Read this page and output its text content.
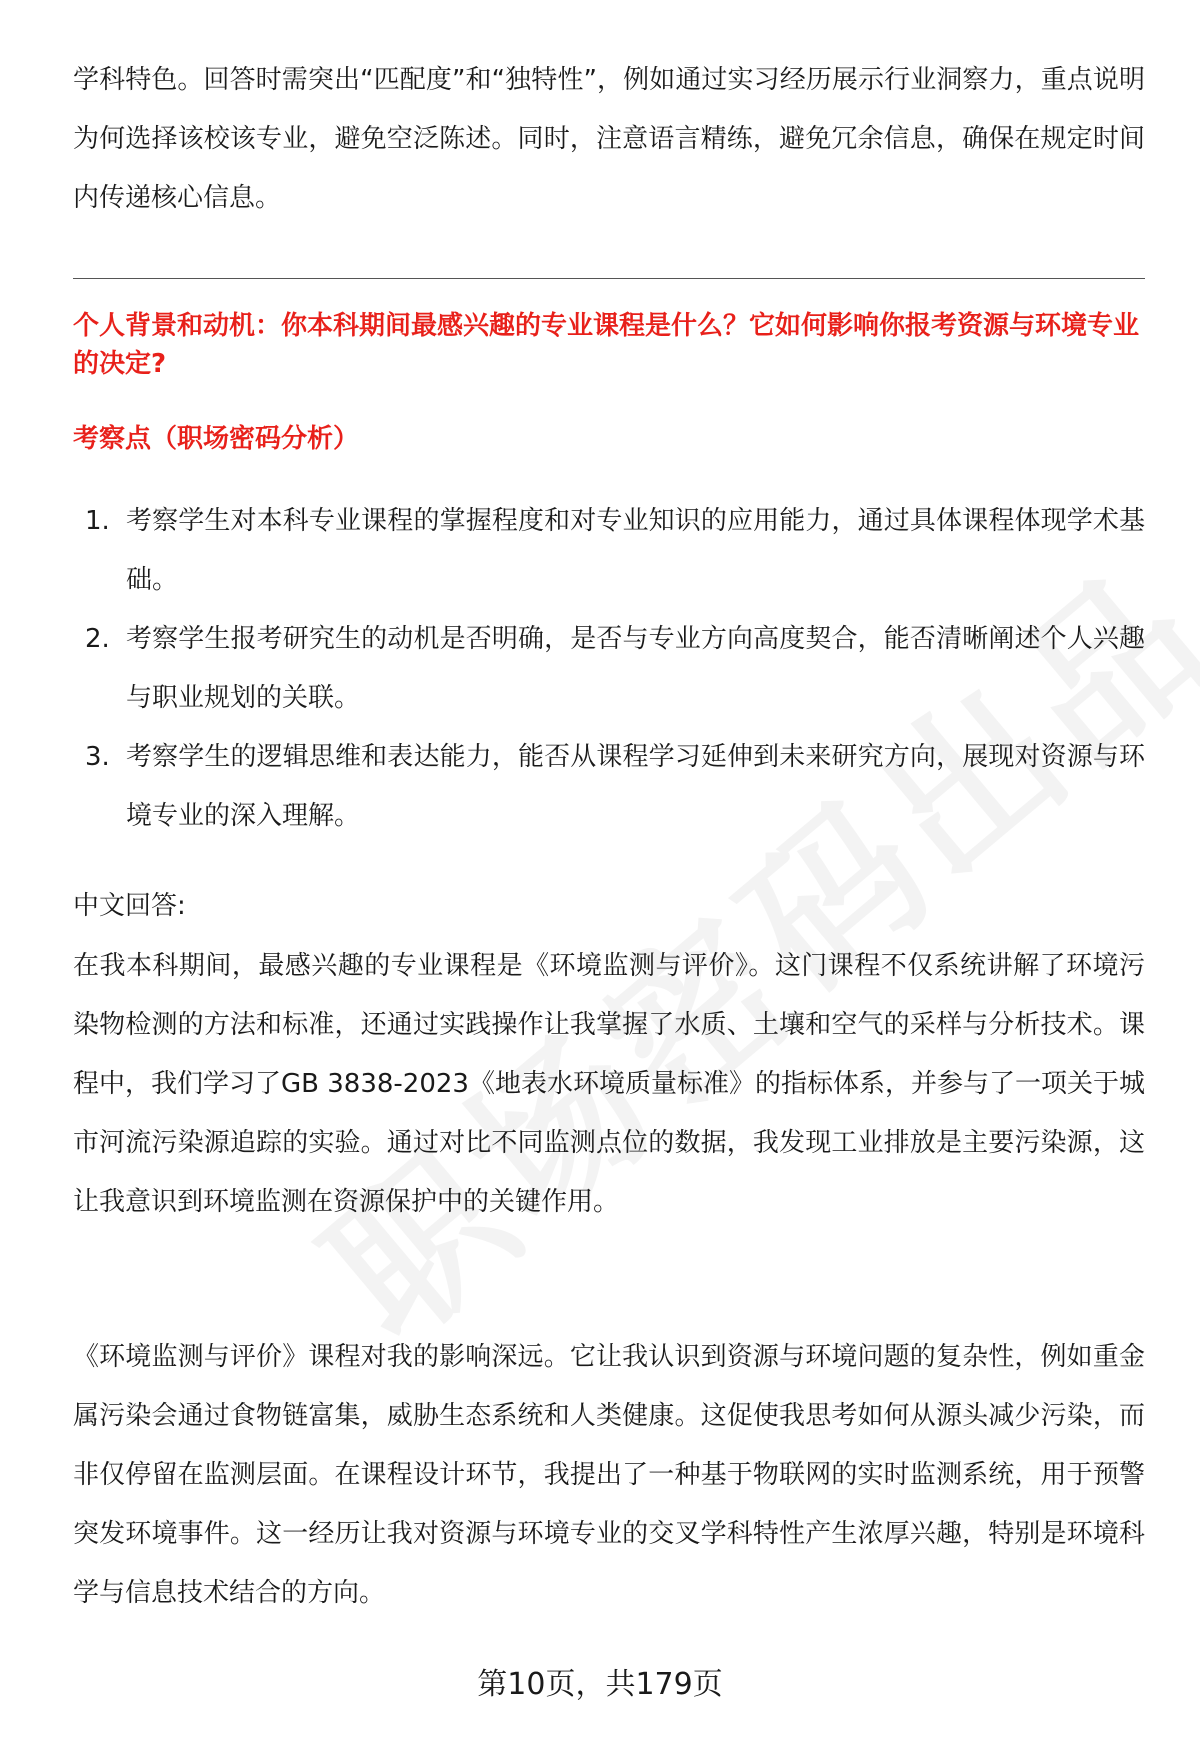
学科特色。回答时需突出“匹配度”和“独特性”，例如通过实习经历展示行业洞察力，重点说明为何选择该校该专业，避免空泛陈述。同时，注意语言精练，避免冗余信息，确保在规定时间内传递核心信息。

个人背景和动机：你本科期间最感兴趣的专业课程是什么？它如何影响你报考资源与环境专业的决定?

考察点（职场密码分析）

1. 考察学生对本科专业课程的掌握程度和对专业知识的应用能力，通过具体课程体现学术基础。
2. 考察学生报考研究生的动机是否明确，是否与专业方向高度契合，能否清晰阐述个人兴趣与职业规划的关联。
3. 考察学生的逻辑思维和表达能力，能否从课程学习延伸到未来研究方向，展现对资源与环境专业的深入理解。

中文回答:

在我本科期间，最感兴趣的专业课程是《环境监测与评价》。这门课程不仅系统讲解了环境污染物检测的方法和标准，还通过实践操作让我掌握了水质、土壤和空气的采样与分析技术。课程中，我们学习了GB 3838-2023《地表水环境质量标准》的指标体系，并参与了一项关于城市河流污染源追踪的实验。通过对比不同监测点位的数据，我发现工业排放是主要污染源，这让我意识到环境监测在资源保护中的关键作用。

《环境监测与评价》课程对我的影响深远。它让我认识到资源与环境问题的复杂性，例如重金属污染会通过食物链富集，威胁生态系统和人类健康。这促使我思考如何从源头减少污染，而非仅停留在监测层面。在课程设计环节，我提出了一种基于物联网的实时监测系统，用于预警突发环境事件。这一经历让我对资源与环境专业的交叉学科特性产生浓厚兴趣，特别是环境科学与信息技术结合的方向。

第10页，共179页
